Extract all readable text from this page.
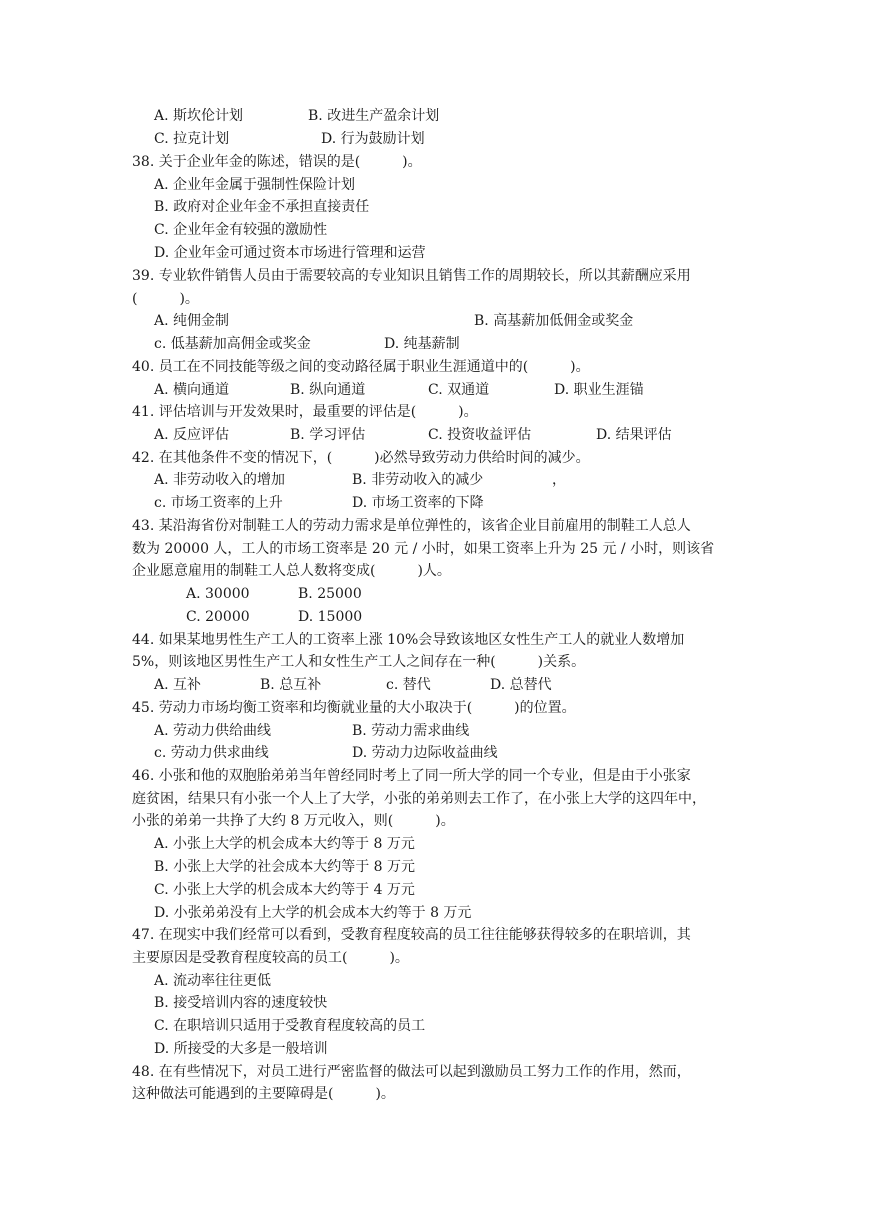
A. 斯坎伦计划	B. 改进生产盈余计划
C. 拉克计划	D. 行为鼓励计划
38. 关于企业年金的陈述，错误的是(　　　)。
A. 企业年金属于强制性保险计划
B. 政府对企业年金不承担直接责任
C. 企业年金有较强的激励性
D. 企业年金可通过资本市场进行管理和运营
39. 专业软件销售人员由于需要较高的专业知识且销售工作的周期较长，所以其薪酬应采用
(　　　)。
A. 纯佣金制	B. 高基薪加低佣金或奖金
c. 低基薪加高佣金或奖金	D. 纯基薪制
40. 员工在不同技能等级之间的变动路径属于职业生涯通道中的(　　　)。
A. 横向通道	B. 纵向通道	C. 双通道	D. 职业生涯锚
41. 评估培训与开发效果时，最重要的评估是(　　　)。
A. 反应评估	B. 学习评估	C. 投资收益评估	D. 结果评估
42. 在其他条件不变的情况下，(　　　)必然导致劳动力供给时间的减少。
A. 非劳动收入的增加	B. 非劳动收入的减少	，
c. 市场工资率的上升	D. 市场工资率的下降
43. 某沿海省份对制鞋工人的劳动力需求是单位弹性的，该省企业目前雇用的制鞋工人总人
数为 20000 人，工人的市场工资率是 20 元 / 小时，如果工资率上升为 25 元 / 小时，则该省
企业愿意雇用的制鞋工人总人数将变成(　　　)人。
A. 30000	B. 25000
C. 20000	D. 15000
44. 如果某地男性生产工人的工资率上涨 10%会导致该地区女性生产工人的就业人数增加
5%，则该地区男性生产工人和女性生产工人之间存在一种(　　　)关系。
A. 互补	B. 总互补	c. 替代	D. 总替代
45. 劳动力市场均衡工资率和均衡就业量的大小取决于(　　　)的位置。
A. 劳动力供给曲线	B. 劳动力需求曲线
c. 劳动力供求曲线	D. 劳动力边际收益曲线
46. 小张和他的双胞胎弟弟当年曾经同时考上了同一所大学的同一个专业，但是由于小张家
庭贫困，结果只有小张一个人上了大学，小张的弟弟则去工作了，在小张上大学的这四年中，
小张的弟弟一共挣了大约 8 万元收入，则(　　　)。
A. 小张上大学的机会成本大约等于 8 万元
B. 小张上大学的社会成本大约等于 8 万元
C. 小张上大学的机会成本大约等于 4 万元
D. 小张弟弟没有上大学的机会成本大约等于 8 万元
47. 在现实中我们经常可以看到，受教育程度较高的员工往往能够获得较多的在职培训，其
主要原因是受教育程度较高的员工(　　　)。
A. 流动率往往更低
B. 接受培训内容的速度较快
C. 在职培训只适用于受教育程度较高的员工
D. 所接受的大多是一般培训
48. 在有些情况下，对员工进行严密监督的做法可以起到激励员工努力工作的作用，然而，
这种做法可能遇到的主要障碍是(　　　)。
